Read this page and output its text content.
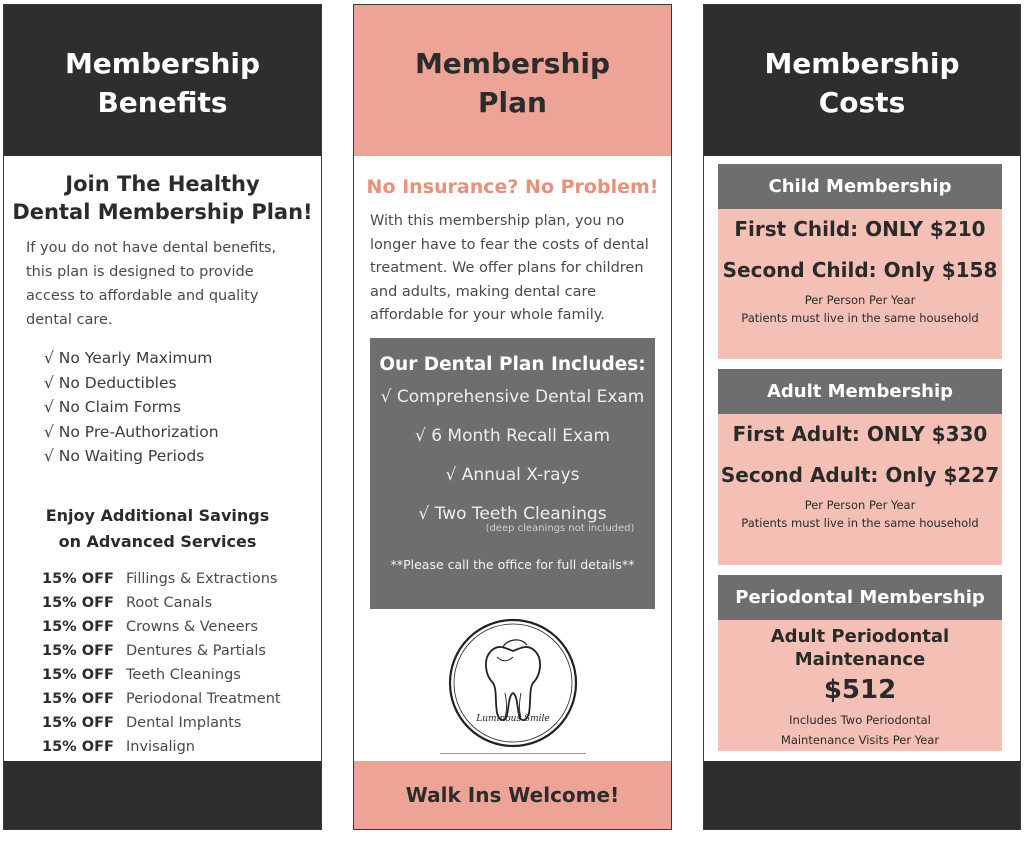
Membership
Benefits
Join The Healthy
Dental Membership Plan!

If you do not have dental benefits, this plan is designed to provide access to affordable and quality dental care.

√ No Yearly Maximum
√ No Deductibles
√ No Claim Forms
√ No Pre-Authorization
√ No Waiting Periods
Enjoy Additional Savings
on Advanced Services
15% OFF Fillings & Extractions
15% OFF Root Canals
15% OFF Crowns & Veneers
15% OFF Dentures & Partials
15% OFF Teeth Cleanings
15% OFF Periodonal Treatment
15% OFF Dental Implants
15% OFF Invisalign
Membership
Plan
No Insurance? No Problem!

With this membership plan, you no longer have to fear the costs of dental treatment. We offer plans for children and adults, making dental care affordable for your whole family.

Our Dental Plan Includes:
√ Comprehensive Dental Exam
√ 6 Month Recall Exam
√ Annual X-rays
√ Two Teeth Cleanings
(deep cleanings not included)
**Please call the office for full details**
Luminous Smile
Walk Ins Welcome!
Membership
Costs
Child Membership
First Child: ONLY $210
Second Child: Only $158
Per Person Per Year
Patients must live in the same household
Adult Membership
First Adult: ONLY $330
Second Adult: Only $227
Per Person Per Year
Patients must live in the same household
Periodontal Membership
Adult Periodontal
Maintenance
$512
Includes Two Periodontal
Maintenance Visits Per Year
